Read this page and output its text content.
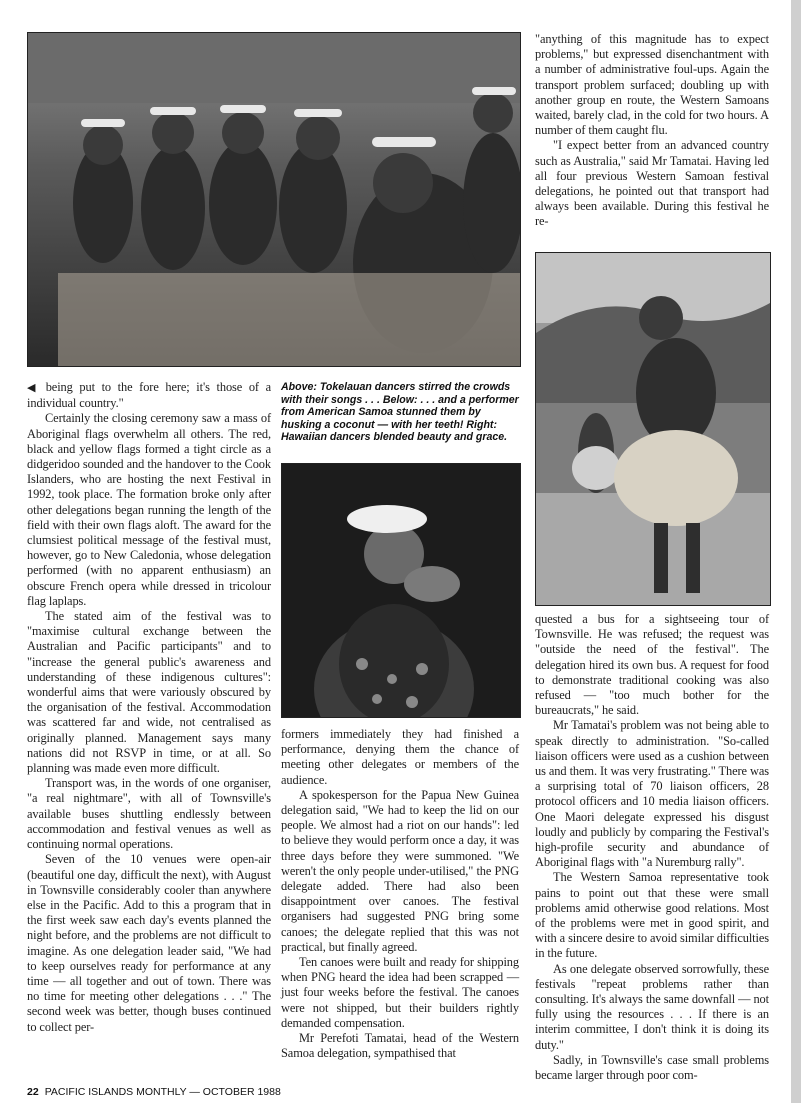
Above: Tokelauan dancers stirred the crowds with their songs . . . Below: . . . and a performer from American Samoa stunned them by husking a coconut — with her teeth! Right: Hawaiian dancers blended beauty and grace.

◀ being put to the fore here; it's those of a individual country."

Certainly the closing ceremony saw a mass of Aboriginal flags overwhelm all others. The red, black and yellow flags formed a tight circle as a didgeridoo sounded and the handover to the Cook Islanders, who are hosting the next Festival in 1992, took place. The formation broke only after other delegations began running the length of the field with their own flags aloft. The award for the clumsiest political message of the festival must, however, go to New Caledonia, whose delegation performed (with no apparent enthusiasm) an obscure French opera while dressed in tricolour flag laplaps.

The stated aim of the festival was to "maximise cultural exchange between the Australian and Pacific participants" and to "increase the general public's awareness and understanding of these indigenous cultures": wonderful aims that were variously obscured by the organisation of the festival. Accommodation was scattered far and wide, not centralised as originally planned. Management says many nations did not RSVP in time, or at all. So planning was made even more difficult.

Transport was, in the words of one organiser, "a real nightmare", with all of Townsville's available buses shuttling endlessly between accommodation and festival venues as well as continuing normal operations.

Seven of the 10 venues were open-air (beautiful one day, difficult the next), with August in Townsville considerably cooler than anywhere else in the Pacific. Add to this a program that in the first week saw each day's events planned the night before, and the problems are not difficult to imagine. As one delegation leader said, "We had to keep ourselves ready for performance at any time — all together and out of town. There was no time for meeting other delegations . . ." The second week was better, though buses continued to collect per-

formers immediately they had finished a performance, denying them the chance of meeting other delegates or members of the audience.

A spokesperson for the Papua New Guinea delegation said, "We had to keep the lid on our people. We almost had a riot on our hands": led to believe they would perform once a day, it was three days before they were summoned. "We weren't the only people under-utilised," the PNG delegate added. There had also been disappointment over canoes. The festival organisers had suggested PNG bring some canoes; the delegate replied that this was not practical, but finally agreed.

Ten canoes were built and ready for shipping when PNG heard the idea had been scrapped — just four weeks before the festival. The canoes were not shipped, but their builders rightly demanded compensation.

Mr Perefoti Tamatai, head of the Western Samoa delegation, sympathised that

"anything of this magnitude has to expect problems," but expressed disenchantment with a number of administrative foul-ups. Again the transport problem surfaced; doubling up with another group en route, the Western Samoans waited, barely clad, in the cold for two hours. A number of them caught flu.

"I expect better from an advanced country such as Australia," said Mr Tamatai. Having led all four previous Western Samoan festival delegations, he pointed out that transport had always been available. During this festival he re-

quested a bus for a sightseeing tour of Townsville. He was refused; the request was "outside the need of the festival". The delegation hired its own bus. A request for food to demonstrate traditional cooking was also refused — "too much bother for the bureaucrats," he said.

Mr Tamatai's problem was not being able to speak directly to administration. "So-called liaison officers were used as a cushion between us and them. It was very frustrating." There was a surprising total of 70 liaison officers, 28 protocol officers and 10 media liaison officers. One Maori delegate expressed his disgust loudly and publicly by comparing the Festival's high-profile security and abundance of Aboriginal flags with "a Nuremburg rally".

The Western Samoa representative took pains to point out that these were small problems amid otherwise good relations. Most of the problems were met in good spirit, and with a sincere desire to avoid similar difficulties in the future.

As one delegate observed sorrowfully, these festivals "repeat problems rather than consulting. It's always the same downfall — not fully using the resources . . . If there is an interim committee, I don't think it is doing its duty."

Sadly, in Townsville's case small problems became larger through poor com-

22 PACIFIC ISLANDS MONTHLY — OCTOBER 1988
